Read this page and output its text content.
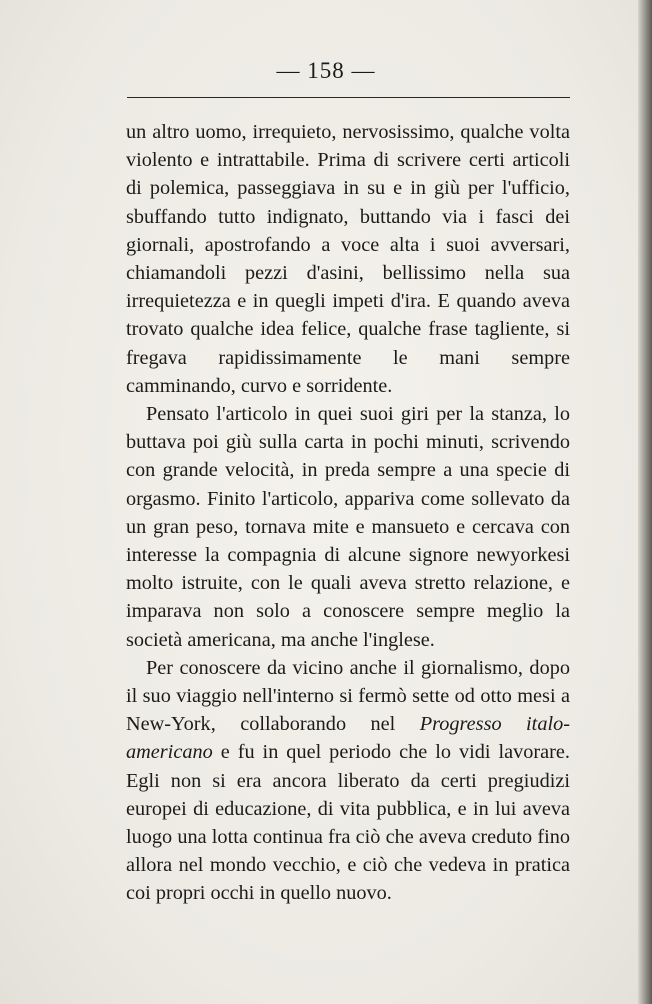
— 158 —

un altro uomo, irrequieto, nervosissimo, qualche volta violento e intrattabile. Prima di scrivere certi articoli di polemica, passeggiava in su e in giù per l'ufficio, sbuffando tutto indignato, buttando via i fasci dei giornali, apostrofando a voce alta i suoi avversari, chiamandoli pezzi d'asini, bellissimo nella sua irrequietezza e in quegli impeti d'ira. E quando aveva trovato qualche idea felice, qualche frase tagliente, si fregava rapidissimamente le mani sempre camminando, curvo e sorridente.

Pensato l'articolo in quei suoi giri per la stanza, lo buttava poi giù sulla carta in pochi minuti, scrivendo con grande velocità, in preda sempre a una specie di orgasmo. Finito l'articolo, appariva come sollevato da un gran peso, tornava mite e mansueto e cercava con interesse la compagnia di alcune signore newyorkesi molto istruite, con le quali aveva stretto relazione, e imparava non solo a conoscere sempre meglio la società americana, ma anche l'inglese.

Per conoscere da vicino anche il giornalismo, dopo il suo viaggio nell'interno si fermò sette od otto mesi a New-York, collaborando nel Progresso italo-americano e fu in quel periodo che lo vidi lavorare. Egli non si era ancora liberato da certi pregiudizi europei di educazione, di vita pubblica, e in lui aveva luogo una lotta continua fra ciò che aveva creduto fino allora nel mondo vecchio, e ciò che vedeva in pratica coi propri occhi in quello nuovo.
